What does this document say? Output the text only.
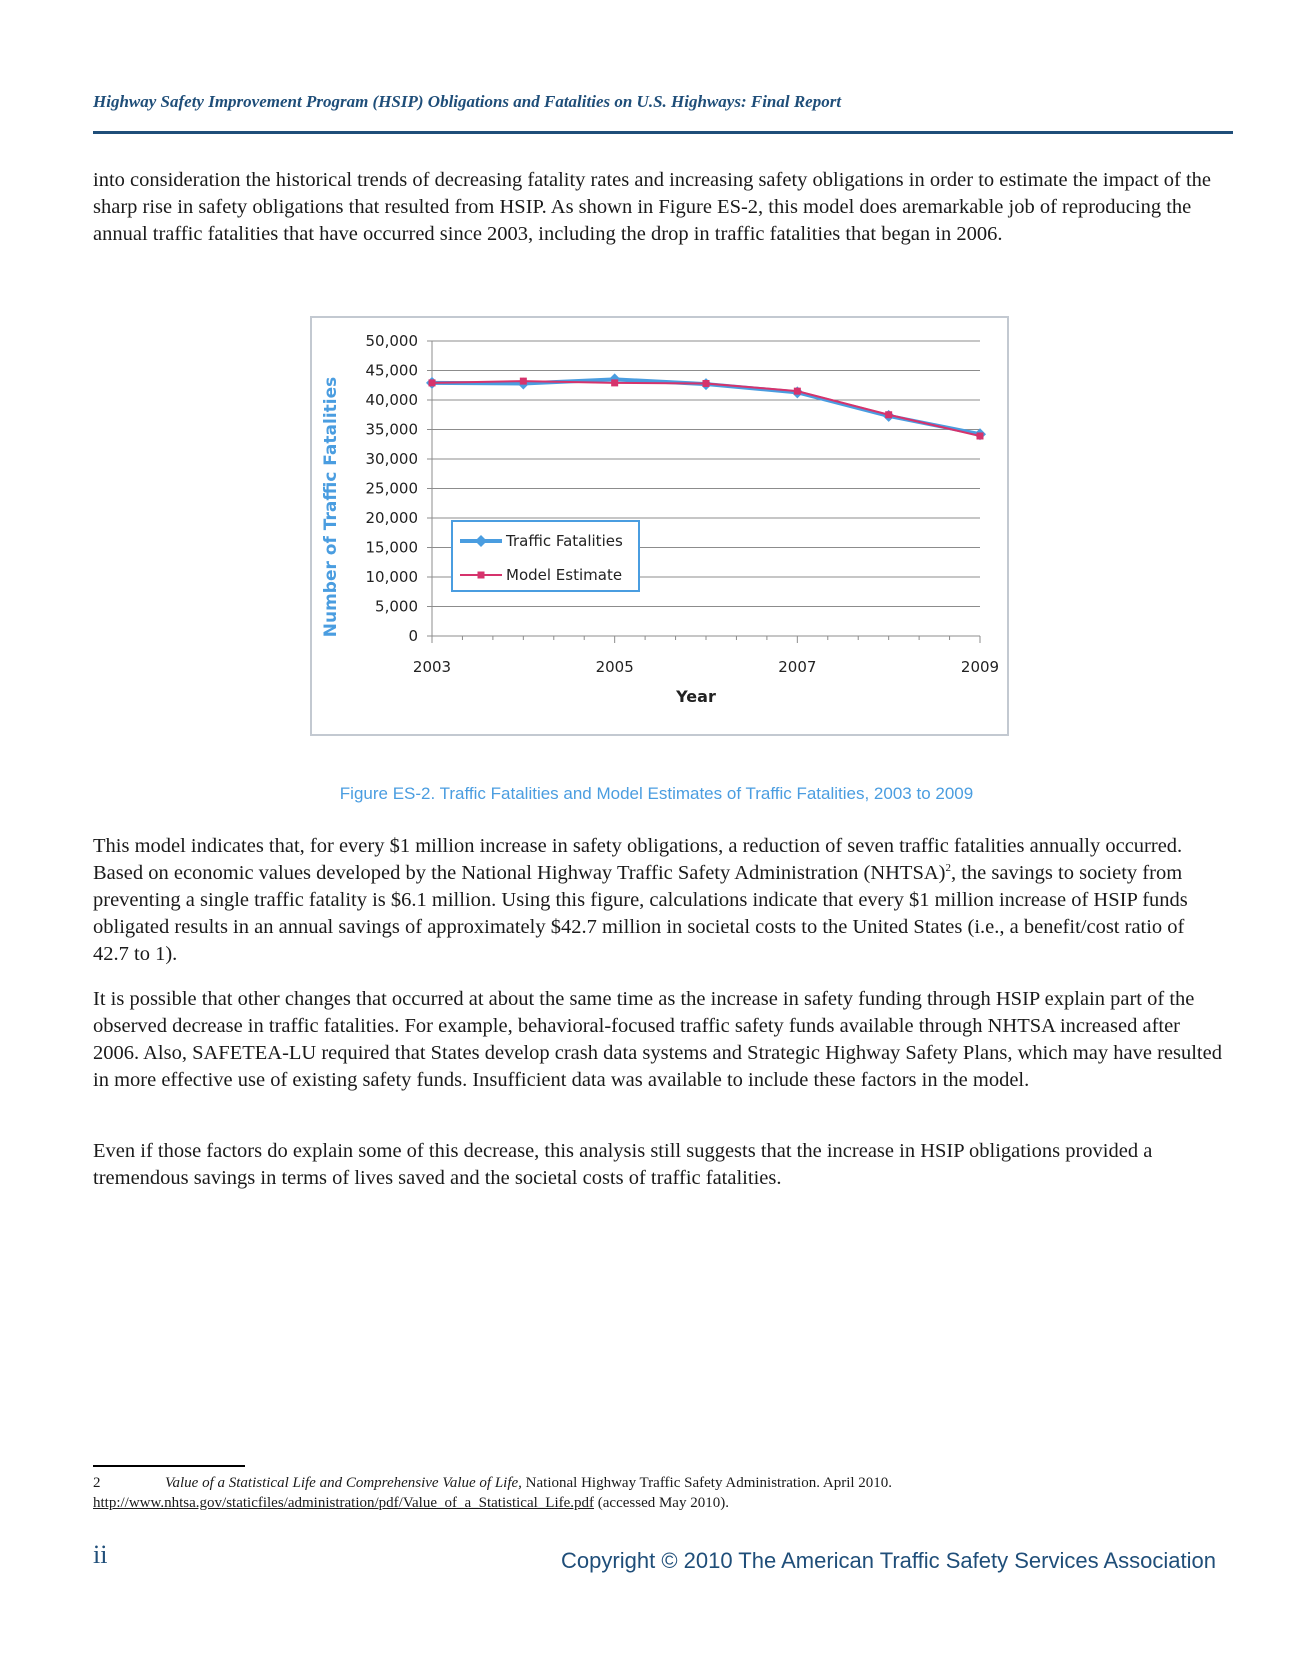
Highway Safety Improvement Program (HSIP) Obligations and Fatalities on U.S. Highways: Final Report

into consideration the historical trends of decreasing fatality rates and increasing safety obligations in order to estimate the impact of the sharp rise in safety obligations that resulted from HSIP. As shown in Figure ES-2, this model does aremarkable job of reproducing the annual traffic fatalities that have occurred since 2003, including the drop in traffic fatalities that began in 2006.

Number of Traffic Fatalities
Year
0
5,000
10,000
15,000
20,000
25,000
30,000
35,000
40,000
45,000
50,000
2003	2005	2007	2009
Traffic Fatalities
Model Estimate
Figure ES-2. Traffic Fatalities and Model Estimates of Traffic Fatalities, 2003 to 2009

This model indicates that, for every $1 million increase in safety obligations, a reduction of seven traffic fatalities annually occurred. Based on economic values developed by the National Highway Traffic Safety Administration (NHTSA)$^2$, the savings to society from preventing a single traffic fatality is $6.1 million. Using this figure, calculations indicate that every $1 million increase of HSIP funds obligated results in an annual savings of approximately $42.7 million in societal costs to the United States (i.e., a benefit/cost ratio of 42.7 to 1).

It is possible that other changes that occurred at about the same time as the increase in safety funding through HSIP explain part of the observed decrease in traffic fatalities. For example, behavioral-focused traffic safety funds available through NHTSA increased after 2006. Also, SAFETEA-LU required that States develop crash data systems and Strategic Highway Safety Plans, which may have resulted in more effective use of existing safety funds. Insufficient data was available to include these factors in the model.

Even if those factors do explain some of this decrease, this analysis still suggests that the increase in HSIP obligations provided a tremendous savings in terms of lives saved and the societal costs of traffic fatalities.

2	Value of a Statistical Life and Comprehensive Value of Life, National Highway Traffic Safety Administration. April 2010. http://www.nhtsa.gov/staticfiles/administration/pdf/Value_of_a_Statistical_Life.pdf (accessed May 2010).
ii	Copyright © 2010 The American Traffic Safety Services Association
